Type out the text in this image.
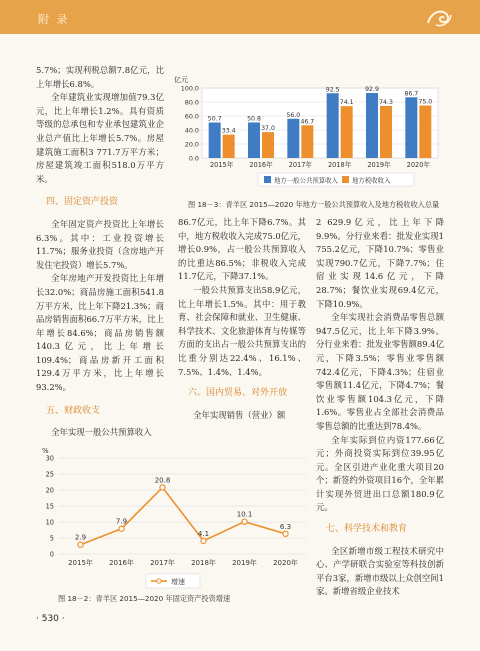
附 录

5.7%；实现利税总额7.8亿元，比上年增长6.8%。

全年建筑业实现增加值79.3亿元，比上年增长1.2%。具有资质等级的总承包和专业承包建筑业企业总产值比上年增长5.7%。房屋建筑施工面积3 771.7万平方米；房屋建筑竣工面积518.0万平方米。

四、固定资产投资

全年固定资产投资比上年增长6.3%。其中：工业投资增长11.7%；服务业投资（含房地产开发住宅投资）增长5.7%。

全年房地产开发投资比上年增长32.0%；商品房施工面积541.8万平方米，比上年下降21.3%；商品房销售面积66.7万平方米，比上年增长84.6%；商品房销售额140.3亿元，比上年增长109.4%；商品房新开工面积129.4万平方米，比上年增长93.2%。

五、财政收支

全年实现一般公共预算收入

亿元
0.0
20.0
40.0
60.0
80.0
100.0
50.7
33.4
2015年
50.8
37.0
2016年
56.0
46.7
2017年
92.5
74.1
2018年
92.9
74.3
2019年
86.7
75.0
2020年
地方一般公共预算收入 地方税收收入
图 18－3：青羊区 2015—2020 年地方一般公共预算收入及地方税收收入总量

86.7亿元，比上年下降6.7%。其中，地方税收收入完成75.0亿元，增长0.9%，占一般公共预算收入的比重达86.5%；非税收入完成11.7亿元，下降37.1%。

一般公共预算支出58.9亿元，比上年增长1.5%。其中：用于教育、社会保障和就业、卫生健康、科学技术、文化旅游体育与传媒等方面的支出占一般公共预算支出的比重分别达22.4%、16.1%、7.5%、1.4%、1.4%。

六、国内贸易、对外开放

全年实现销售（营业）额

2 629.9亿元，比上年下降9.9%。分行业来看：批发业实现1 755.2亿元，下降10.7%；零售业实现790.7亿元，下降7.7%；住宿业实现14.6亿元，下降28.7%；餐饮业实现69.4亿元，下降10.9%。

全年实现社会消费品零售总额947.5亿元，比上年下降3.9%。分行业来看：批发业零售额89.4亿元，下降3.5%；零售业零售额742.4亿元，下降4.3%；住宿业零售额11.4亿元，下降4.7%；餐饮业零售额104.3亿元，下降1.6%。零售业占全部社会消费品零售总额的比重达到78.4%。

全年实际到位内资177.66亿元；外商投资实际到位39.95亿元。全区引进产业化重大项目20个；新签约外资项目16个，全年累计实现外贸进出口总额180.9亿元。

七、科学技术和教育

全区新增市级工程技术研究中心、产学研联合实验室等科技创新平台3家，新增市级以上众创空间1家。新增省级企业技术

%
0
5
10
15
20
25
30
2.9
7.9
20.8
4.1
10.1
6.3
2015年 2016年 2017年 2018年 2019年 2020年
增速
图 18－2：青羊区 2015—2020 年固定资产投资增速
· 530 ·
